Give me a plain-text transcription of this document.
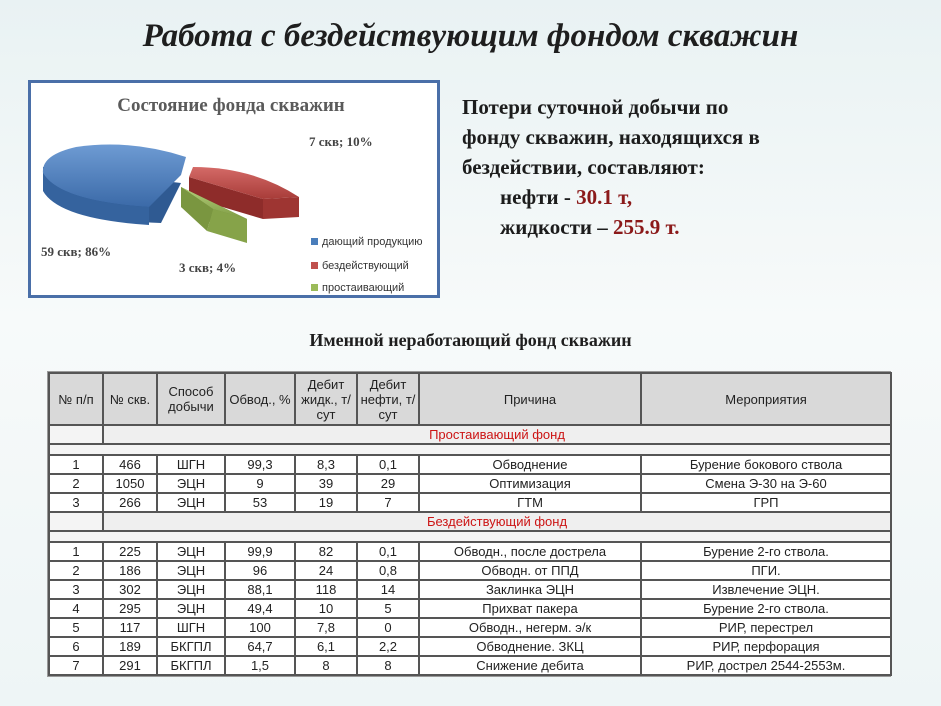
Работа с бездействующим фондом скважин
Состояние фонда скважин
7 скв; 10%
59 скв; 86%
3 скв; 4%
дающий продукцию
бездействующий
простаивающий
Потери суточной добычи по
фонду скважин, находящихся в
бездействии, составляют:
нефти - 30.1 т,
жидкости – 255.9 т.
Именной неработающий фонд скважин
№ п/п	№ скв.	Способ добычи	Обвод., %	Дебит жидк., т/сут	Дебит нефти, т/сут	Причина	Мероприятия
	Простаивающий фонд						

1	466	ШГН	99,3	8,3	0,1	Обводнение	Бурение бокового ствола
2	1050	ЭЦН	9	39	29	Оптимизация	Смена Э-30 на Э-60
3	266	ЭЦН	53	19	7	ГТМ	ГРП
	Бездействующий фонд						

1	225	ЭЦН	99,9	82	0,1	Обводн., после дострела	Бурение 2-го ствола.
2	186	ЭЦН	96	24	0,8	Обводн. от ППД	ПГИ.
3	302	ЭЦН	88,1	118	14	Заклинка ЭЦН	Извлечение ЭЦН.
4	295	ЭЦН	49,4	10	5	Прихват пакера	Бурение 2-го ствола.
5	117	ШГН	100	7,8	0	Обводн., негерм. э/к	РИР, перестрел
6	189	БКГПЛ	64,7	6,1	2,2	Обводнение. ЗКЦ	РИР, перфорация
7	291	БКГПЛ	1,5	8	8	Снижение дебита	РИР, дострел 2544-2553м.
